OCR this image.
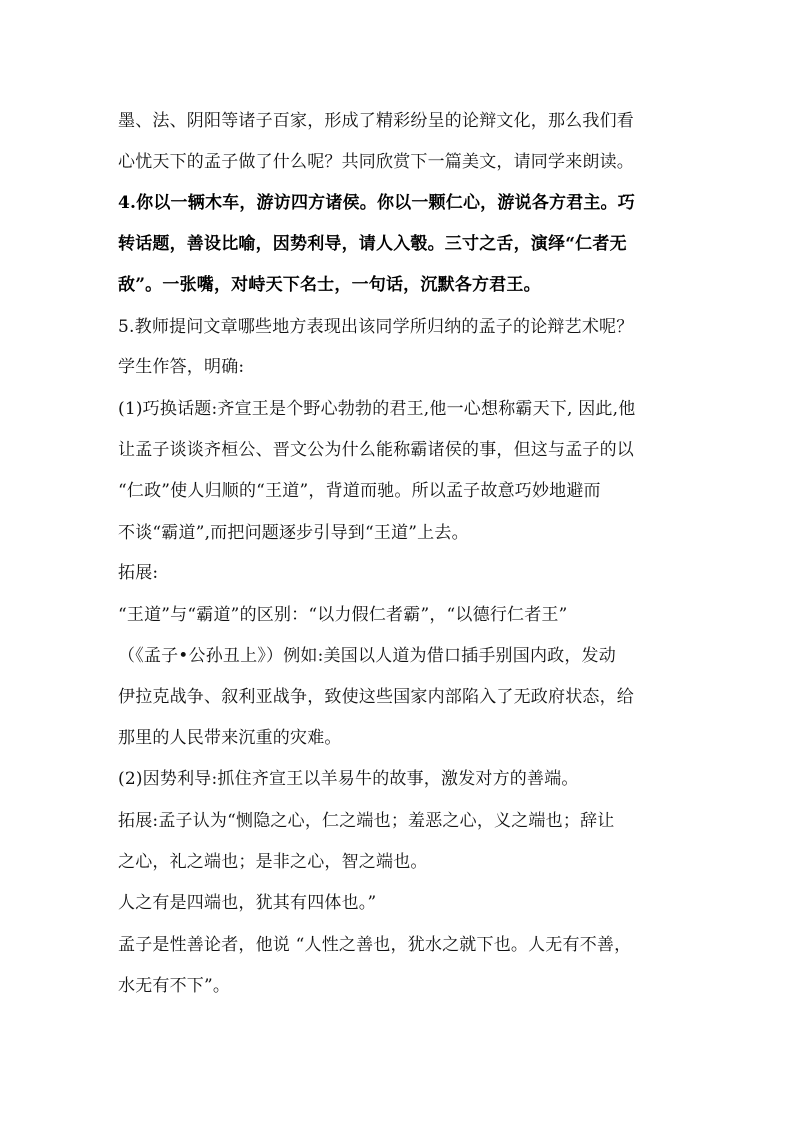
墨、法、阴阳等诸子百家，形成了精彩纷呈的论辩文化，那么我们看
心忧天下的孟子做了什么呢？共同欣赏下一篇美文，请同学来朗读。
4.你以一辆木车，游访四方诸侯。你以一颗仁心，游说各方君主。巧
转话题，善设比喻，因势利导，请人入彀。三寸之舌，演绎“仁者无
敌”。一张嘴，对峙天下名士，一句话，沉默各方君王。
5.教师提问文章哪些地方表现出该同学所归纳的孟子的论辩艺术呢？
学生作答，明确:
(1)巧换话题:齐宣王是个野心勃勃的君王,他一心想称霸天下, 因此,他
让孟子谈谈齐桓公、晋文公为什么能称霸诸侯的事，但这与孟子的以
“仁政”使人归顺的“王道”，背道而驰。所以孟子故意巧妙地避而
不谈“霸道”,而把问题逐步引导到“王道”上去。
拓展:
“王道”与“霸道”的区别：“以力假仁者霸”，“以德行仁者王”
（《孟子•公孙丑上》）例如:美国以人道为借口插手别国内政，发动
伊拉克战争、叙利亚战争，致使这些国家内部陷入了无政府状态，给
那里的人民带来沉重的灾难。
(2)因势利导:抓住齐宣王以羊易牛的故事，激发对方的善端。
拓展:孟子认为“恻隐之心，仁之端也；羞恶之心，义之端也；辞让
之心，礼之端也；是非之心，智之端也。
人之有是四端也，犹其有四体也。”
孟子是性善论者，他说 “人性之善也，犹水之就下也。人无有不善，
水无有不下”。
